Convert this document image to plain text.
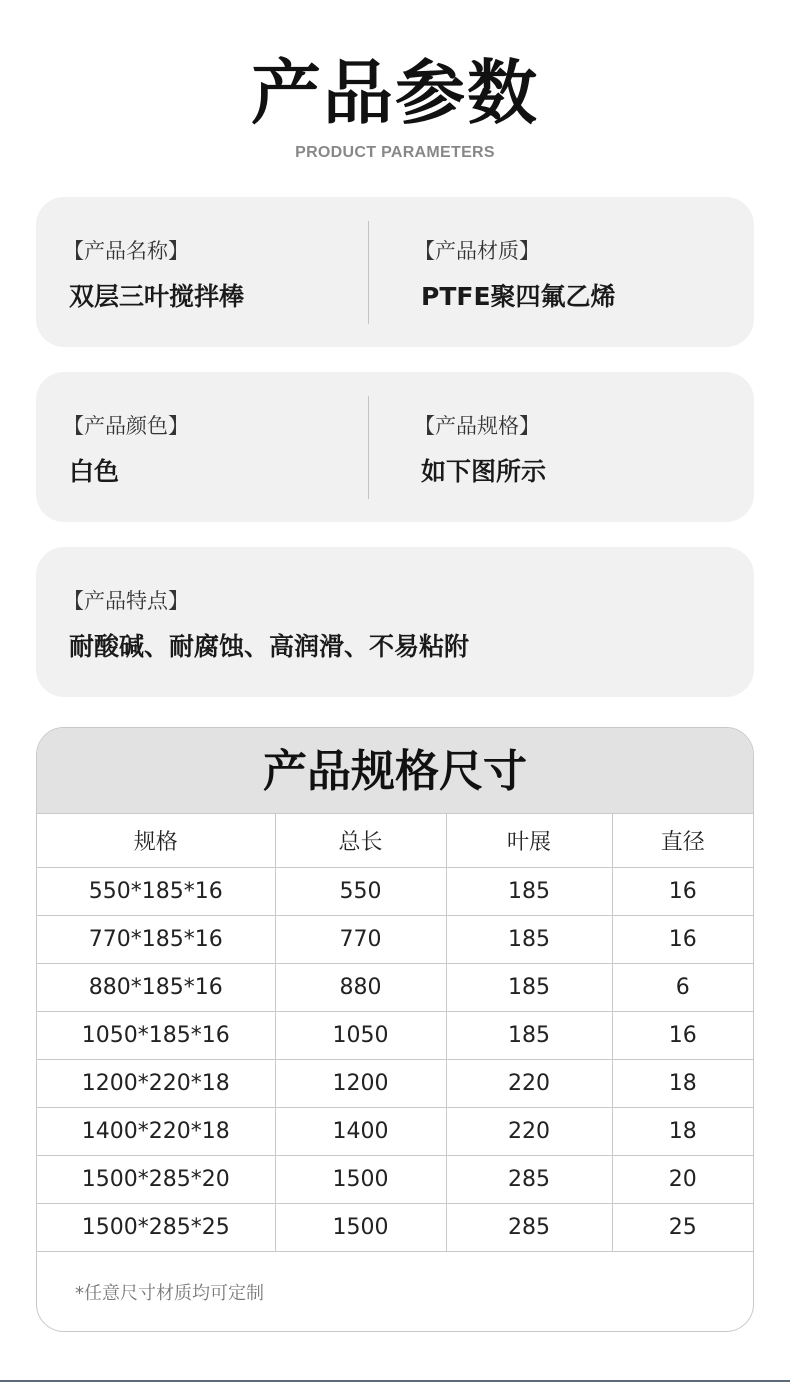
产品参数
PRODUCT PARAMETERS
【产品名称】
双层三叶搅拌棒
【产品材质】
PTFE聚四氟乙烯
【产品颜色】
白色
【产品规格】
如下图所示
【产品特点】
耐酸碱、耐腐蚀、高润滑、不易粘附
产品规格尺寸
规格	总长	叶展	直径
550*185*16	550	185	16
770*185*16	770	185	16
880*185*16	880	185	6
1050*185*16	1050	185	16
1200*220*18	1200	220	18
1400*220*18	1400	220	18
1500*285*20	1500	285	20
1500*285*25	1500	285	25
*任意尺寸材质均可定制
